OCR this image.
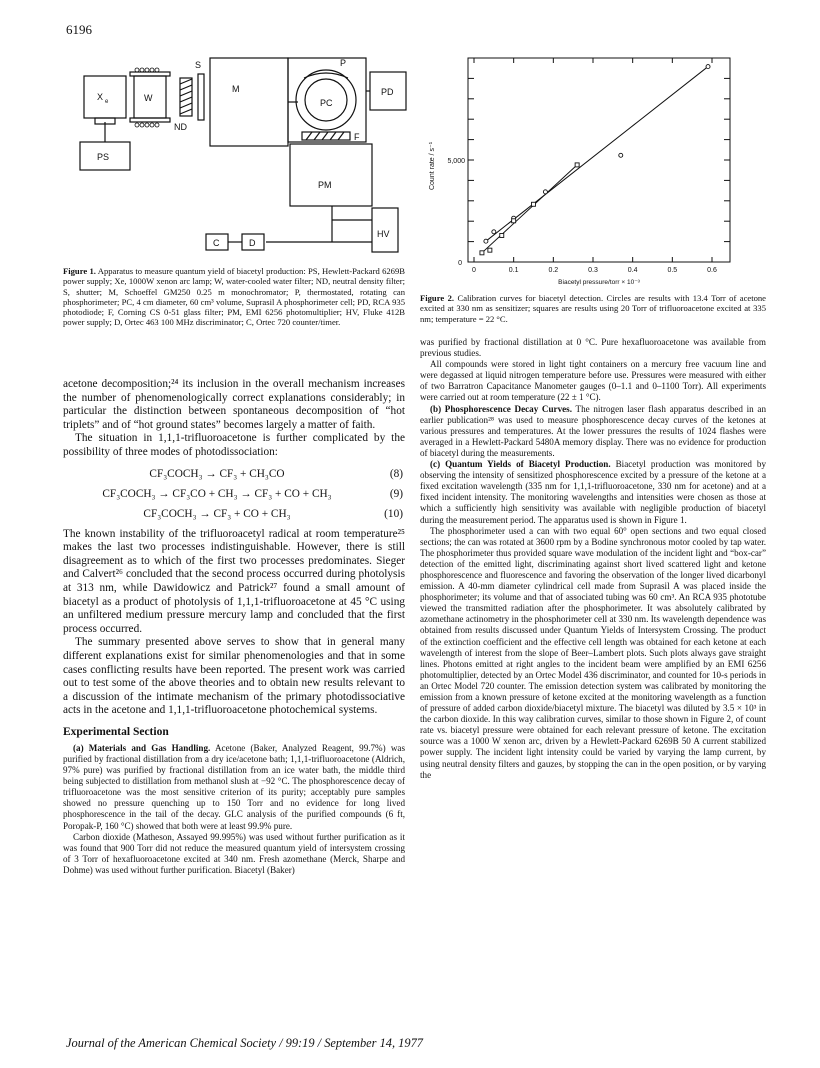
6196
X e	W
S
ND
M
P
PC
PD
F
PM
PS
C	D
HV
Figure 1. Apparatus to measure quantum yield of biacetyl production: PS, Hewlett-Packard 6269B power supply; Xe, 1000W xenon arc lamp; W, water-cooled water filter; ND, neutral density filter; S, shutter; M, Schoeffel GM250 0.25 m monochromator; P, thermostated, rotating can phosphorimeter; PC, 4 cm diameter, 60 cm³ volume, Suprasil A phosphorimeter cell; PD, RCA 935 photodiode; F, Corning CS 0-51 glass filter; PM, EMI 6256 photomultiplier; HV, Fluke 412B power supply; D, Ortec 463 100 MHz discriminator; C, Ortec 720 counter/timer.
0	0.1	0.2	0.3	0.4	0.5	0.6
5,000
0
Count rate / s⁻¹
Biacetyl pressure/torr × 10⁻³
Figure 2. Calibration curves for biacetyl detection. Circles are results with 13.4 Torr of acetone excited at 330 nm as sensitizer; squares are results using 20 Torr of trifluoroacetone excited at 335 nm; temperature = 22 °C.

acetone decomposition;²⁴ its inclusion in the overall mechanism increases the number of phenomenologically correct explanations considerably; in particular the distinction between spontaneous decomposition of “hot triplets” and of “hot ground states” becomes largely a matter of faith.

The situation in 1,1,1-trifluoroacetone is further complicated by the possibility of three modes of photodissociation:

CF₃COCH₃ → CF₃ + CH₃CO	(8)
CF₃COCH₃ → CF₃CO + CH₃ → CF₃ + CO + CH₃	(9)
CF₃COCH₃ → CF₃ + CO + CH₃	(10)

The known instability of the trifluoroacetyl radical at room temperature²⁵ makes the last two processes indistinguishable. However, there is still disagreement as to which of the first two processes predominates. Sieger and Calvert²⁶ concluded that the second process occurred during photolysis at 313 nm, while Dawidowicz and Patrick²⁷ found a small amount of biacetyl as a product of photolysis of 1,1,1-trifluoroacetone at 45 °C using an unfiltered medium pressure mercury lamp and concluded that the first process occurred.

The summary presented above serves to show that in general many different explanations exist for similar phenomenologies and that in some cases conflicting results have been reported. The present work was carried out to test some of the above theories and to obtain new results relevant to a discussion of the intimate mechanism of the primary photodissociative acts in the acetone and 1,1,1-trifluoroacetone photochemical systems.

Experimental Section

(a) Materials and Gas Handling. Acetone (Baker, Analyzed Reagent, 99.7%) was purified by fractional distillation from a dry ice/acetone bath; 1,1,1-trifluoroacetone (Aldrich, 97% pure) was purified by fractional distillation from an ice water bath, the middle third being subjected to distillation from methanol slush at −92 °C. The phosphorescence decay of trifluoroacetone was the most sensitive criterion of its purity; acceptably pure samples showed no pressure quenching up to 150 Torr and no evidence for long lived phosphorescence in the tail of the decay. GLC analysis of the purified compounds (6 ft, Poropak-P, 160 °C) showed that both were at least 99.9% pure.

Carbon dioxide (Matheson, Assayed 99.995%) was used without further purification as it was found that 900 Torr did not reduce the measured quantum yield of intersystem crossing of 3 Torr of hexafluoroacetone excited at 340 nm. Fresh azomethane (Merck, Sharpe and Dohme) was used without further purification. Biacetyl (Baker)

was purified by fractional distillation at 0 °C. Pure hexafluoroacetone was available from previous studies.

All compounds were stored in light tight containers on a mercury free vacuum line and were degassed at liquid nitrogen temperature before use. Pressures were measured with either of two Barratron Capacitance Manometer gauges (0–1.1 and 0–1100 Torr). All experiments were carried out at room temperature (22 ± 1 °C).

(b) Phosphorescence Decay Curves. The nitrogen laser flash apparatus described in an earlier publication²⁸ was used to measure phosphorescence decay curves of the ketones at various pressures and temperatures. At the lower pressures the results of 1024 flashes were averaged in a Hewlett-Packard 5480A memory display. There was no evidence for production of biacetyl during the measurements.

(c) Quantum Yields of Biacetyl Production. Biacetyl production was monitored by observing the intensity of sensitized phosphorescence excited by a pressure of the ketone at a fixed excitation wavelength (335 nm for 1,1,1-trifluoroacetone, 330 nm for acetone) and at a fixed incident intensity. The monitoring wavelengths and intensities were chosen as those at which a sufficiently high sensitivity was available with negligible production of biacetyl during the measurement period. The apparatus used is shown in Figure 1.

The phosphorimeter used a can with two equal 60° open sections and two equal closed sections; the can was rotated at 3600 rpm by a Bodine synchronous motor cooled by tap water. The phosphorimeter thus provided square wave modulation of the incident light and “box-car” detection of the emitted light, discriminating against short lived scattered light and ketone phosphorescence and fluorescence and favoring the observation of the longer lived dicarbonyl emission. A 40-mm diameter cylindrical cell made from Suprasil A was placed inside the phosphorimeter; its volume and that of associated tubing was 60 cm³. An RCA 935 phototube viewed the transmitted radiation after the phosphorimeter. It was absolutely calibrated by azomethane actinometry in the phosphorimeter cell at 330 nm. Its wavelength dependence was obtained from results discussed under Quantum Yields of Intersystem Crossing. The product of the extinction coefficient and the effective cell length was obtained for each ketone at each wavelength of interest from the slope of Beer–Lambert plots. Such plots always gave straight lines. Photons emitted at right angles to the incident beam were amplified by an EMI 6256 photomultiplier, detected by an Ortec Model 436 discriminator, and counted for 10-s periods in an Ortec Model 720 counter. The emission detection system was calibrated by monitoring the emission from a known pressure of ketone excited at the monitoring wavelength as a function of pressure of added carbon dioxide/biacetyl mixture. The biacetyl was diluted by 3.5 × 10³ in the carbon dioxide. In this way calibration curves, similar to those shown in Figure 2, of count rate vs. biacetyl pressure were obtained for each relevant pressure of ketone. The excitation source was a 1000 W xenon arc, driven by a Hewlett-Packard 6269B 50 A current stabilized power supply. The incident light intensity could be varied by varying the lamp current, by using neutral density filters and gauzes, by stopping the can in the open position, or by varying the

Journal of the American Chemical Society / 99:19 / September 14, 1977
